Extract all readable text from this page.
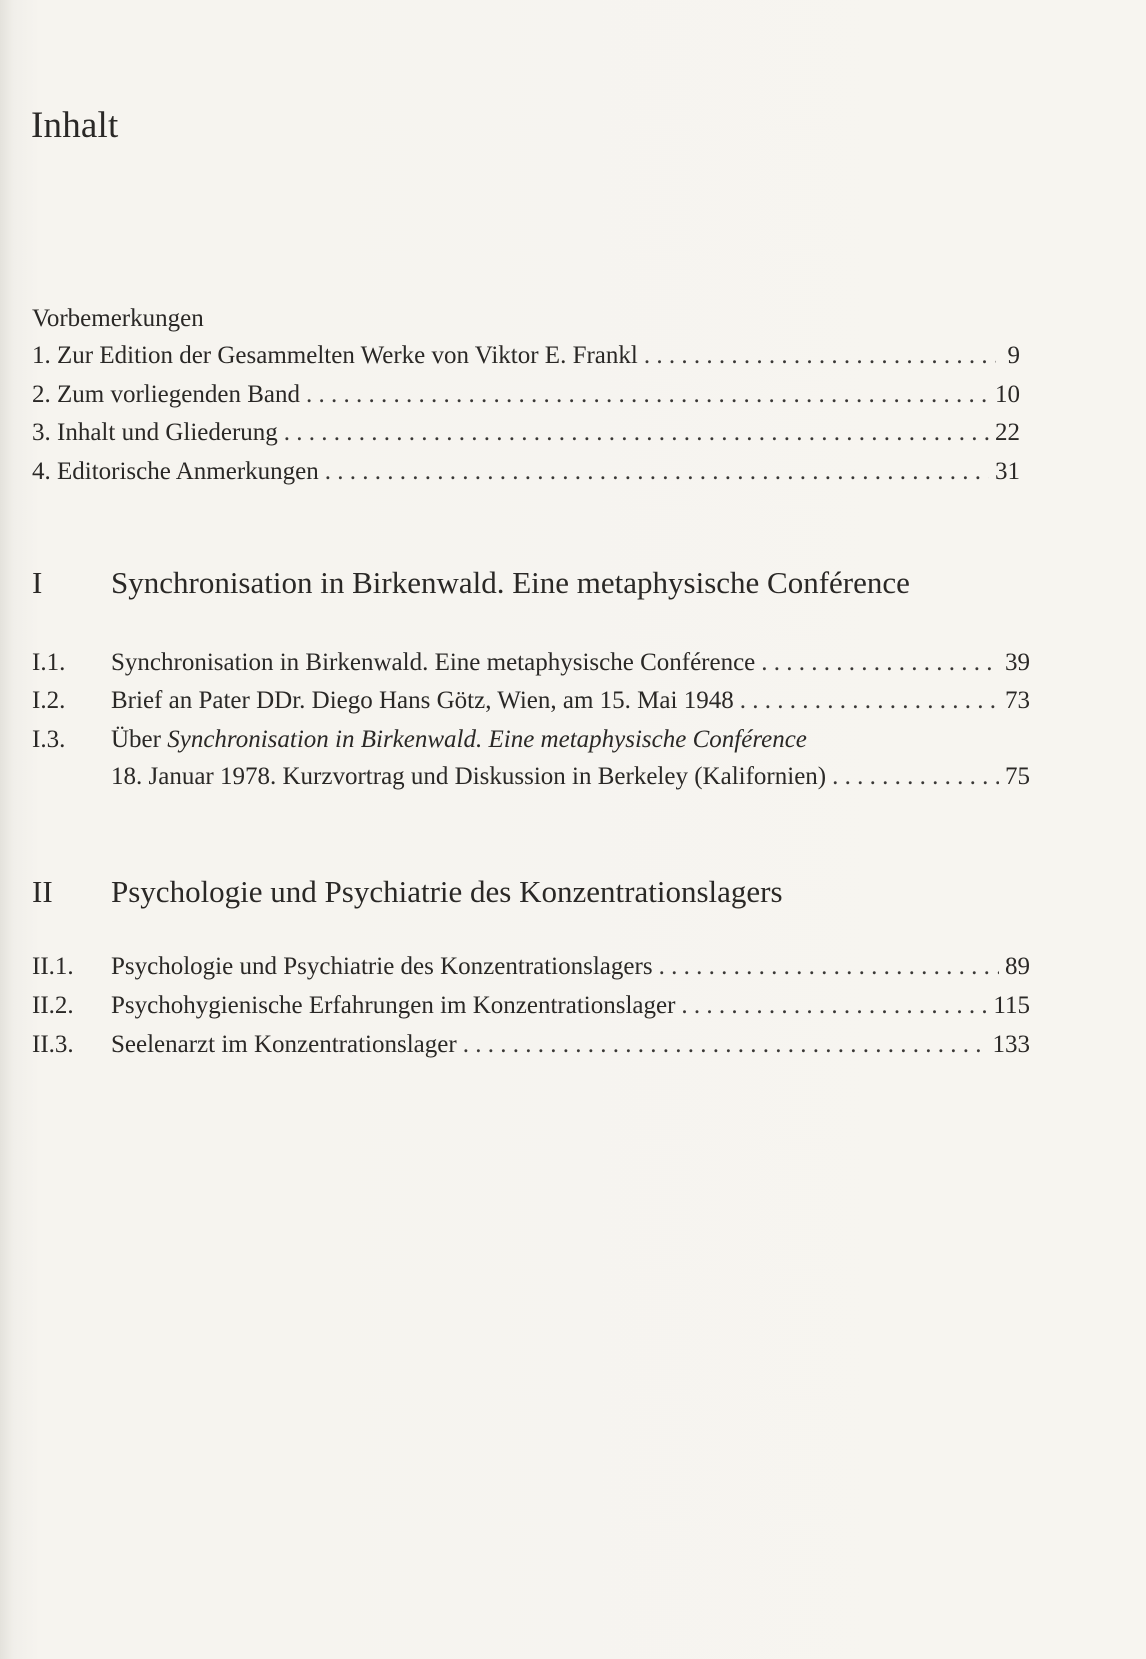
Inhalt
Vorbemerkungen
1. Zur Edition der Gesammelten Werke von Viktor E. Frankl . . .	9
2. Zum vorliegenden Band . . .	10
3. Inhalt und Gliederung . . .	22
4. Editorische Anmerkungen . . .	31
I	Synchronisation in Birkenwald. Eine metaphysische Conférence
I.1.	Synchronisation in Birkenwald. Eine metaphysische Conférence . . .	39
I.2.	Brief an Pater DDr. Diego Hans Götz, Wien, am 15. Mai 1948 . . .	73
I.3.	Über
Synchronisation in Birkenwald. Eine metaphysische Conférence
18. Januar 1978. Kurzvortrag und Diskussion in Berkeley (Kalifornien) . . .	75
II	Psychologie und Psychiatrie des Konzentrationslagers
II.1.	Psychologie und Psychiatrie des Konzentrationslagers . . .	89
II.2.	Psychohygienische Erfahrungen im Konzentrationslager . . .	115
II.3.	Seelenarzt im Konzentrationslager . . .	133
